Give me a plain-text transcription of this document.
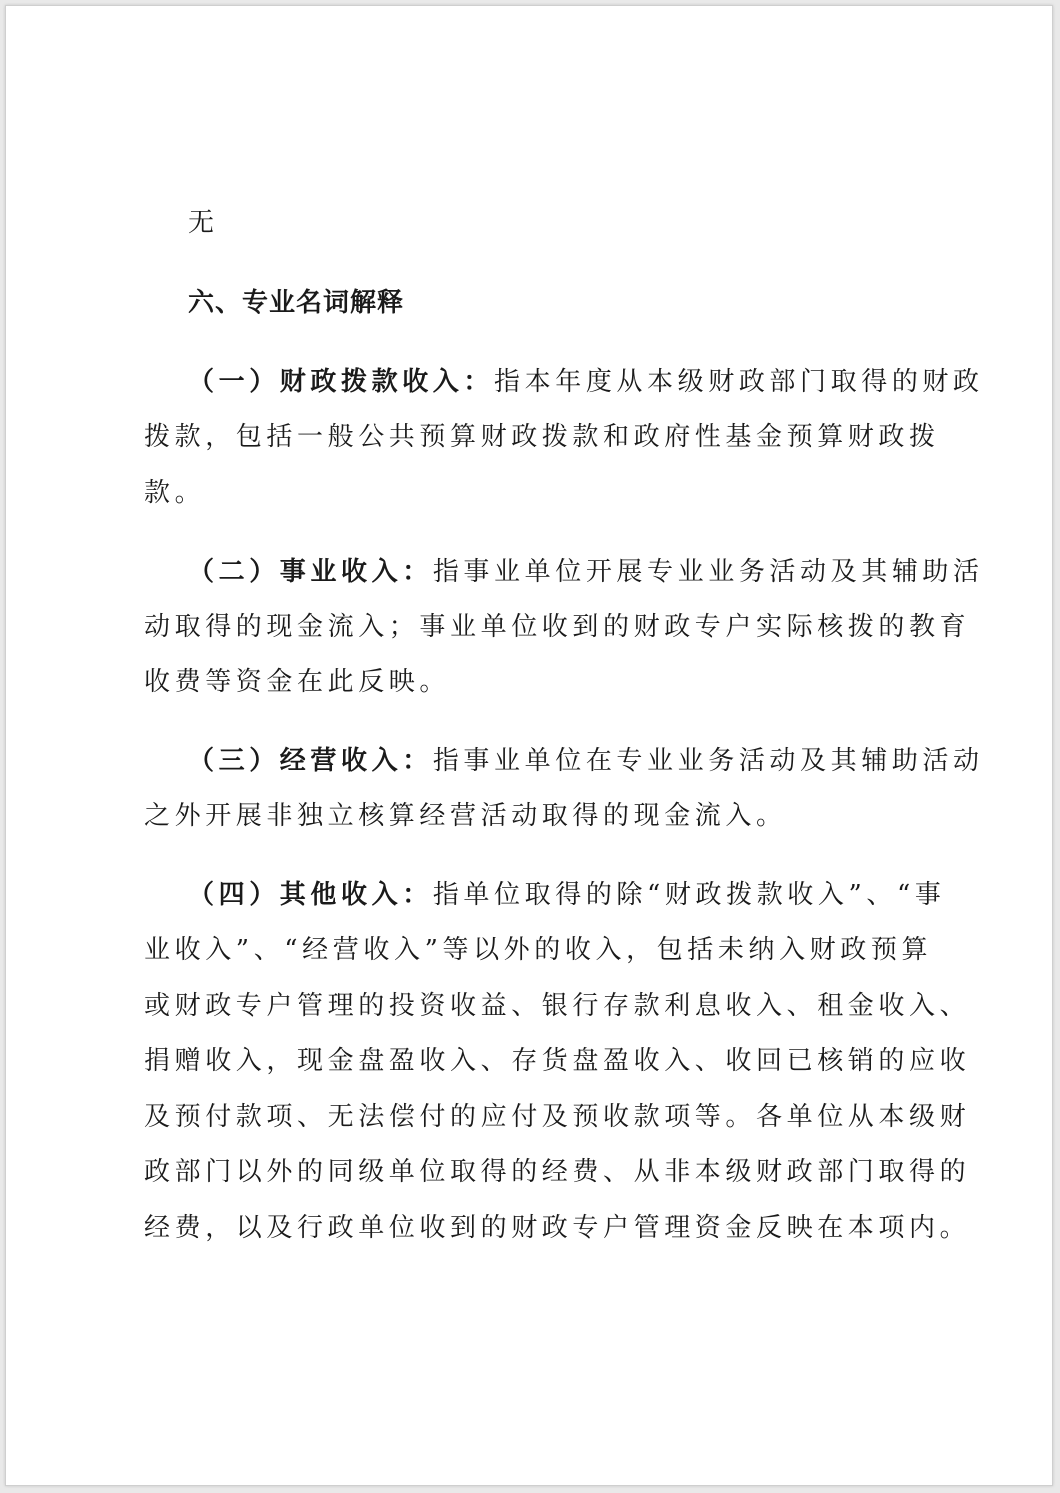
无
六、专业名词解释
（一）财政拨款收入：指本年度从本级财政部门取得的财政
拨款，包括一般公共预算财政拨款和政府性基金预算财政拨
款。
（二）事业收入：指事业单位开展专业业务活动及其辅助活
动取得的现金流入；事业单位收到的财政专户实际核拨的教育
收费等资金在此反映。
（三）经营收入：指事业单位在专业业务活动及其辅助活动
之外开展非独立核算经营活动取得的现金流入。
（四）其他收入：指单位取得的除“财政拨款收入”、“事
业收入”、“经营收入”等以外的收入，包括未纳入财政预算
或财政专户管理的投资收益、银行存款利息收入、租金收入、
捐赠收入，现金盘盈收入、存货盘盈收入、收回已核销的应收
及预付款项、无法偿付的应付及预收款项等。各单位从本级财
政部门以外的同级单位取得的经费、从非本级财政部门取得的
经费，以及行政单位收到的财政专户管理资金反映在本项内。
